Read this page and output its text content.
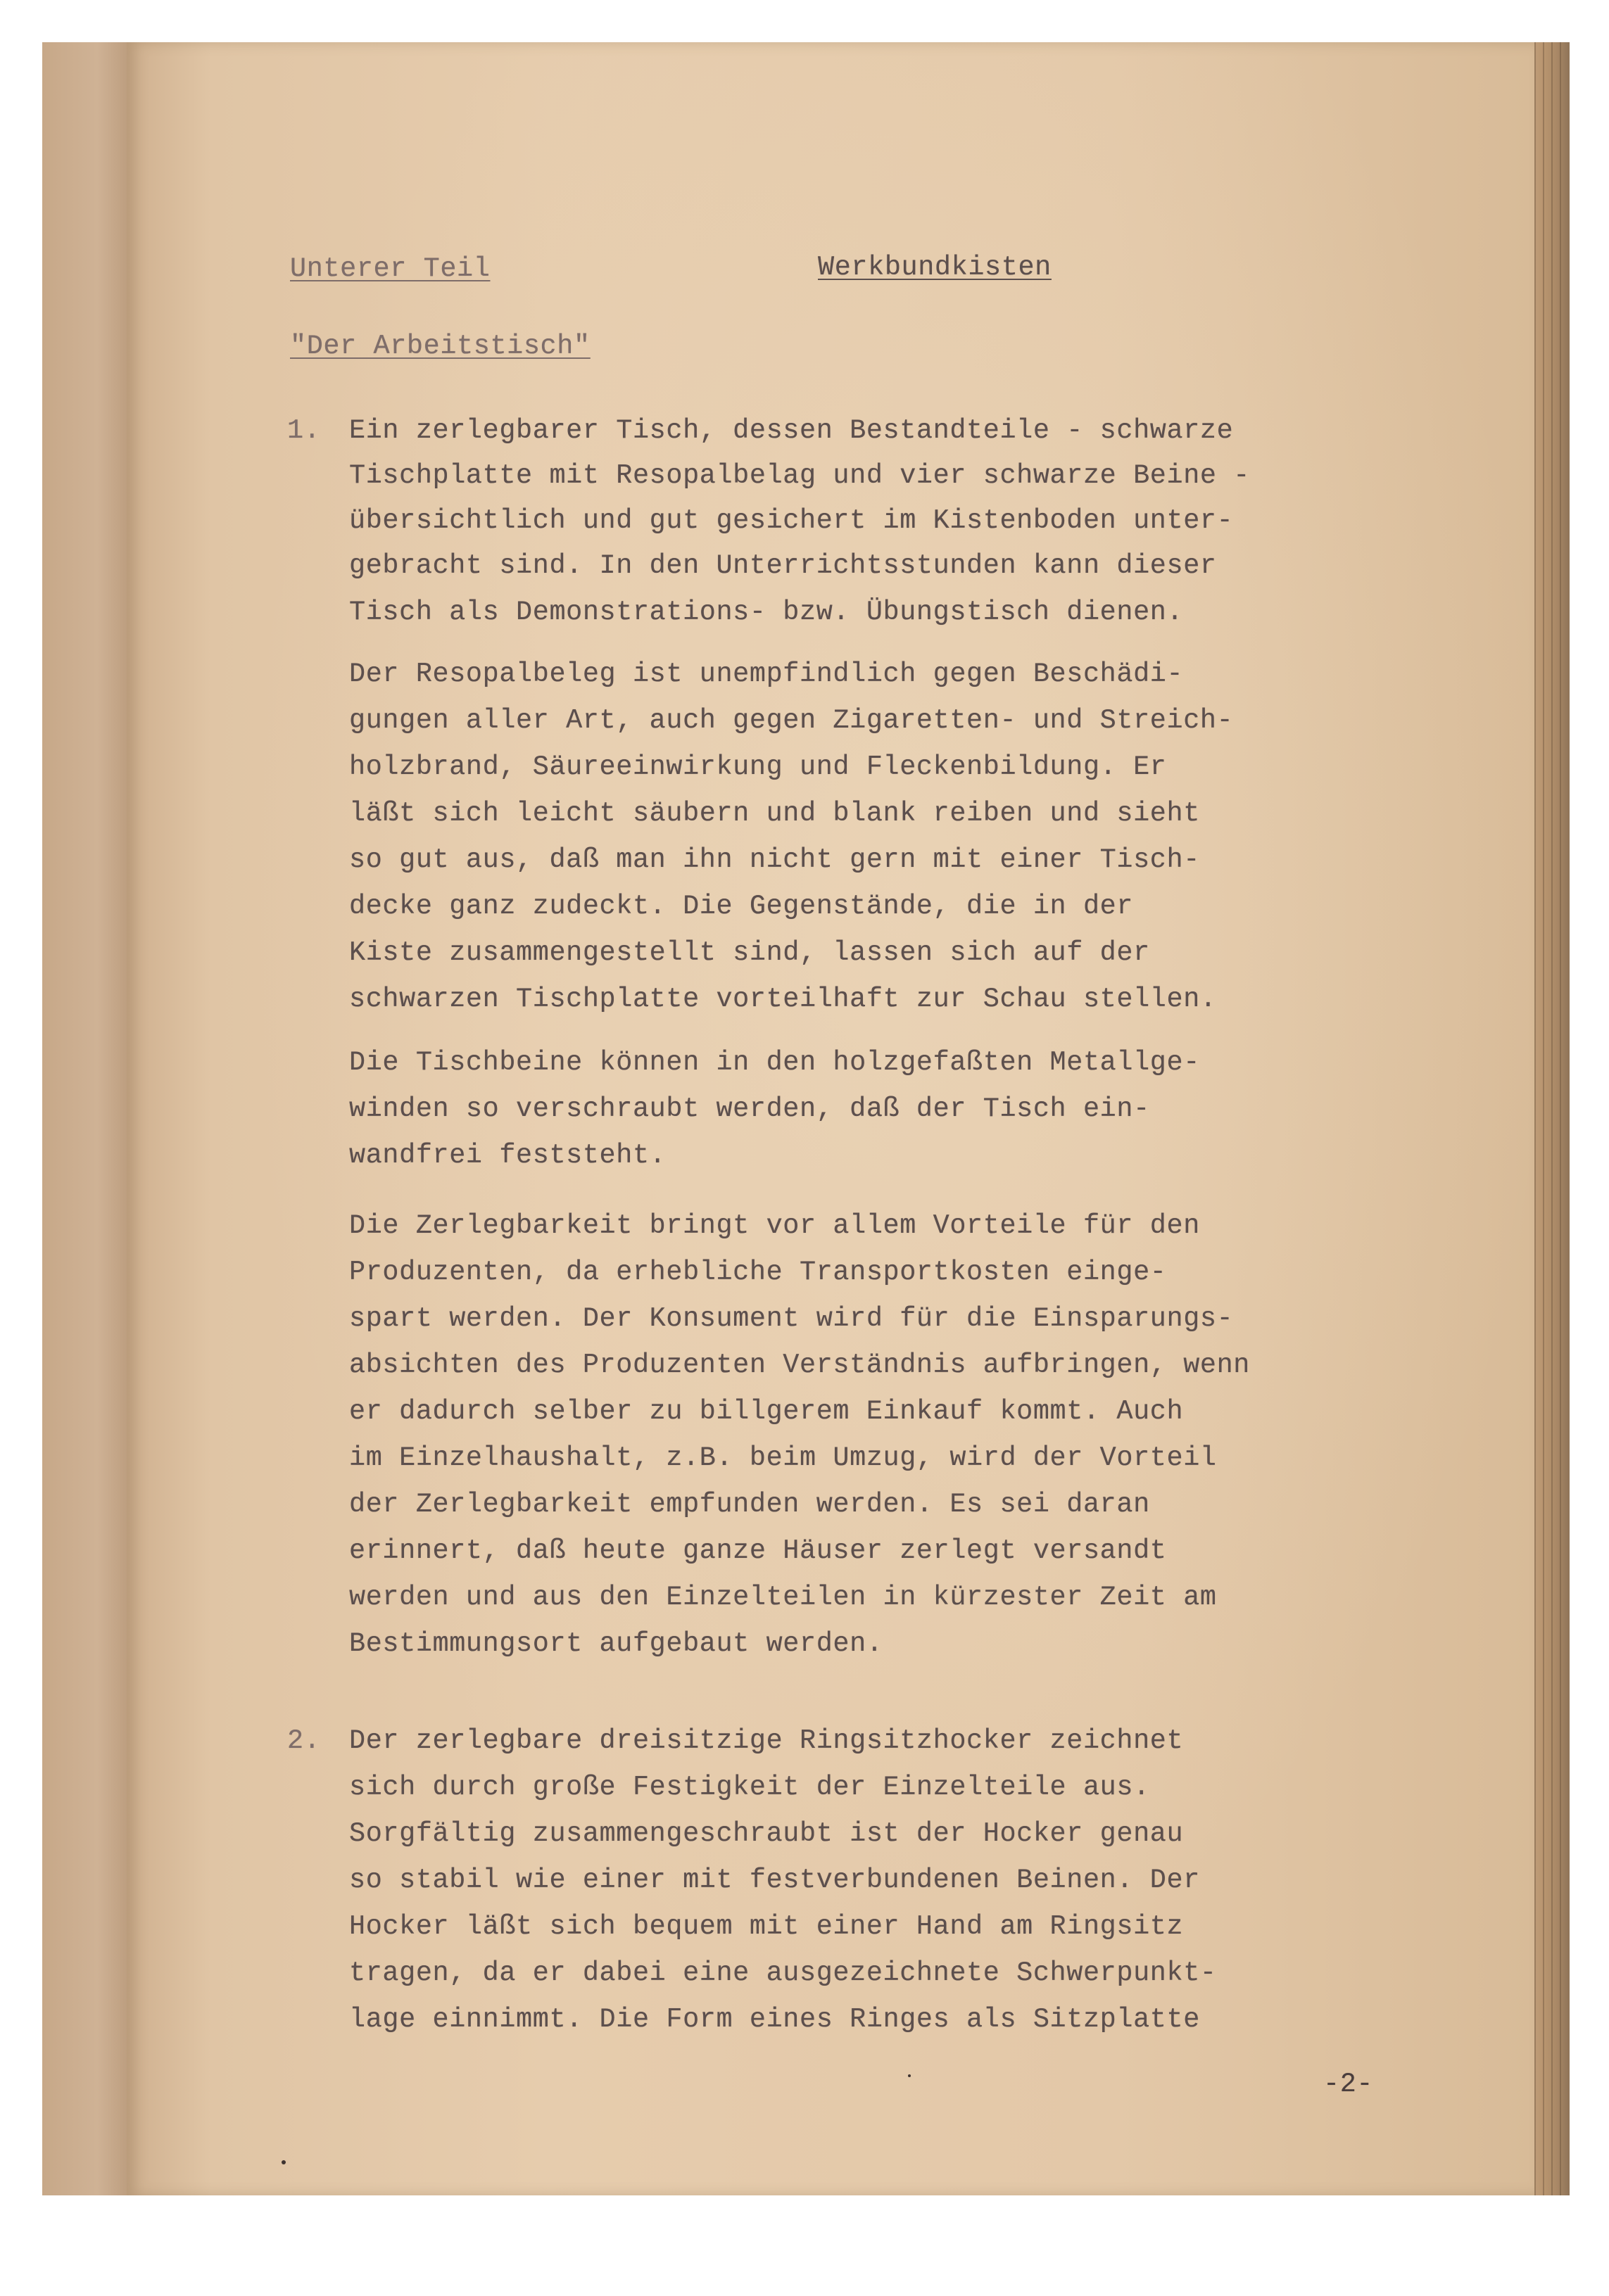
Unterer Teil	Werkbundkisten

"Der Arbeitstisch"

1. Ein zerlegbarer Tisch, dessen Bestandteile - schwarze

Tischplatte mit Resopalbelag und vier schwarze Beine -

übersichtlich und gut gesichert im Kistenboden unter-

gebracht sind. In den Unterrichtsstunden kann dieser

Tisch als Demonstrations- bzw. Übungstisch dienen.

Der Resopalbeleg ist unempfindlich gegen Beschädi-

gungen aller Art, auch gegen Zigaretten- und Streich-

holzbrand, Säureeinwirkung und Fleckenbildung. Er

läßt sich leicht säubern und blank reiben und sieht

so gut aus, daß man ihn nicht gern mit einer Tisch-

decke ganz zudeckt. Die Gegenstände, die in der

Kiste zusammengestellt sind, lassen sich auf der

schwarzen Tischplatte vorteilhaft zur Schau stellen.

Die Tischbeine können in den holzgefaßten Metallge-

winden so verschraubt werden, daß der Tisch ein-

wandfrei feststeht.

Die Zerlegbarkeit bringt vor allem Vorteile für den

Produzenten, da erhebliche Transportkosten einge-

spart werden. Der Konsument wird für die Einsparungs-

absichten des Produzenten Verständnis aufbringen, wenn

er dadurch selber zu billgerem Einkauf kommt. Auch

im Einzelhaushalt, z.B. beim Umzug, wird der Vorteil

der Zerlegbarkeit empfunden werden. Es sei daran

erinnert, daß heute ganze Häuser zerlegt versandt

werden und aus den Einzelteilen in kürzester Zeit am

Bestimmungsort aufgebaut werden.

2. Der zerlegbare dreisitzige Ringsitzhocker zeichnet

sich durch große Festigkeit der Einzelteile aus.

Sorgfältig zusammengeschraubt ist der Hocker genau

so stabil wie einer mit festverbundenen Beinen. Der

Hocker läßt sich bequem mit einer Hand am Ringsitz

tragen, da er dabei eine ausgezeichnete Schwerpunkt-

lage einnimmt. Die Form eines Ringes als Sitzplatte

-2-
